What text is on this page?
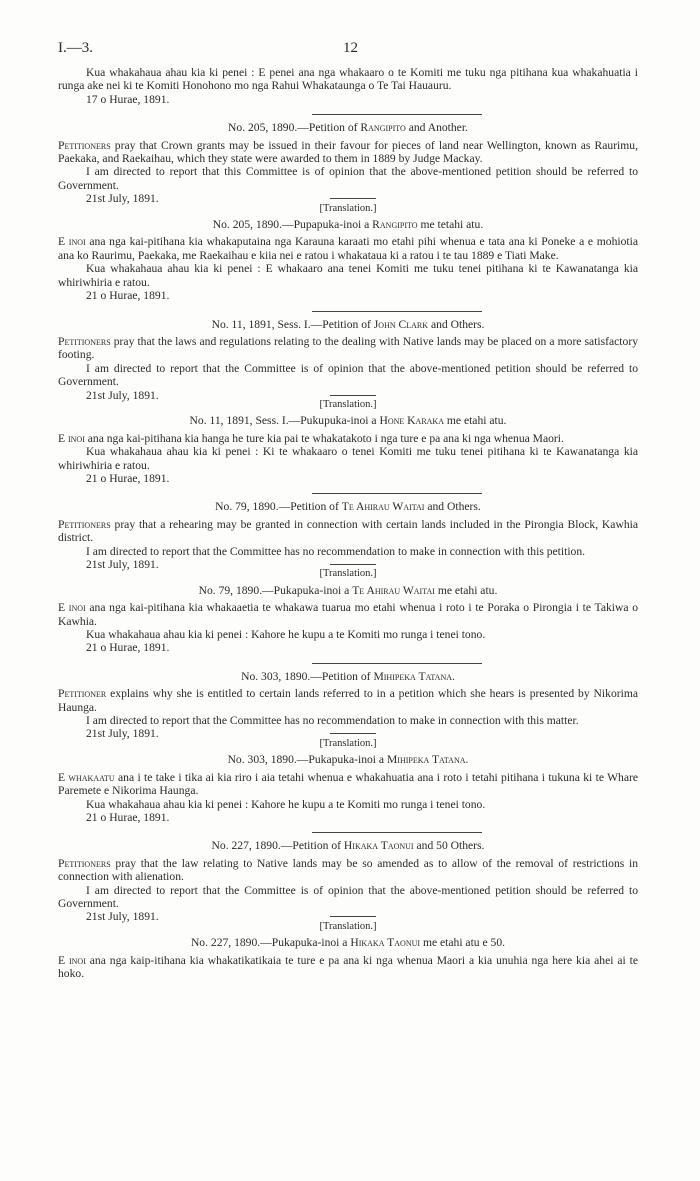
I.—3.	12

Kua whakahaua ahau kia ki penei : E penei ana nga whakaaro o te Komiti me tuku nga pitihana kua whakahuatia i runga ake nei ki te Komiti Honohono mo nga Rahui Whakataunga o Te Tai Hauauru.

17 o Hurae, 1891.

No. 205, 1890.—Petition of Rangipito and Another.

Petitioners pray that Crown grants may be issued in their favour for pieces of land near Wellington, known as Raurimu, Paekaka, and Raekaihau, which they state were awarded to them in 1889 by Judge Mackay.

I am directed to report that this Committee is of opinion that the above-mentioned petition should be referred to Government.

21st July, 1891.

[Translation.]

No. 205, 1890.—Pupapuka-inoi a Rangipito me tetahi atu.

E inoi ana nga kai-pitihana kia whakaputaina nga Karauna karaati mo etahi pihi whenua e tata ana ki Poneke a e mohiotia ana ko Raurimu, Paekaka, me Raekaihau e kiia nei e ratou i whakataua ki a ratou i te tau 1889 e Tiati Make.

Kua whakahaua ahau kia ki penei : E whakaaro ana tenei Komiti me tuku tenei pitihana ki te Kawanatanga kia whiriwhiria e ratou.

21 o Hurae, 1891.

No. 11, 1891, Sess. I.—Petition of John Clark and Others.

Petitioners pray that the laws and regulations relating to the dealing with Native lands may be placed on a more satisfactory footing.

I am directed to report that the Committee is of opinion that the above-mentioned petition should be referred to Government.

21st July, 1891.

[Translation.]

No. 11, 1891, Sess. I.—Pukupuka-inoi a Hone Karaka me etahi atu.

E inoi ana nga kai-pitihana kia hanga he ture kia pai te whakatakoto i nga ture e pa ana ki nga whenua Maori.

Kua whakahaua ahau kia ki penei : Ki te whakaaro o tenei Komiti me tuku tenei pitihana ki te Kawanatanga kia whiriwhiria e ratou.

21 o Hurae, 1891.

No. 79, 1890.—Petition of Te Ahirau Waitai and Others.

Petitioners pray that a rehearing may be granted in connection with certain lands included in the Pirongia Block, Kawhia district.

I am directed to report that the Committee has no recommendation to make in connection with this petition.

21st July, 1891.

[Translation.]

No. 79, 1890.—Pukapuka-inoi a Te Ahirau Waitai me etahi atu.

E inoi ana nga kai-pitihana kia whakaaetia te whakawa tuarua mo etahi whenua i roto i te Poraka o Pirongia i te Takiwa o Kawhia.

Kua whakahaua ahau kia ki penei : Kahore he kupu a te Komiti mo runga i tenei tono.

21 o Hurae, 1891.

No. 303, 1890.—Petition of Mihipeka Tatana.

Petitioner explains why she is entitled to certain lands referred to in a petition which she hears is presented by Nikorima Haunga.

I am directed to report that the Committee has no recommendation to make in connection with this matter.

21st July, 1891.

[Translation.]

No. 303, 1890.—Pukapuka-inoi a Mihipeka Tatana.

E whakaatu ana i te take i tika ai kia riro i aia tetahi whenua e whakahuatia ana i roto i tetahi pitihana i tukuna ki te Whare Paremete e Nikorima Haunga.

Kua whakahaua ahau kia ki penei : Kahore he kupu a te Komiti mo runga i tenei tono.

21 o Hurae, 1891.

No. 227, 1890.—Petition of Hikaka Taonui and 50 Others.

Petitioners pray that the law relating to Native lands may be so amended as to allow of the removal of restrictions in connection with alienation.

I am directed to report that the Committee is of opinion that the above-mentioned petition should be referred to Government.

21st July, 1891.

[Translation.]

No. 227, 1890.—Pukapuka-inoi a Hikaka Taonui me etahi atu e 50.

E inoi ana nga kaip-itihana kia whakatikatikaia te ture e pa ana ki nga whenua Maori a kia unuhia nga here kia ahei ai te hoko.
